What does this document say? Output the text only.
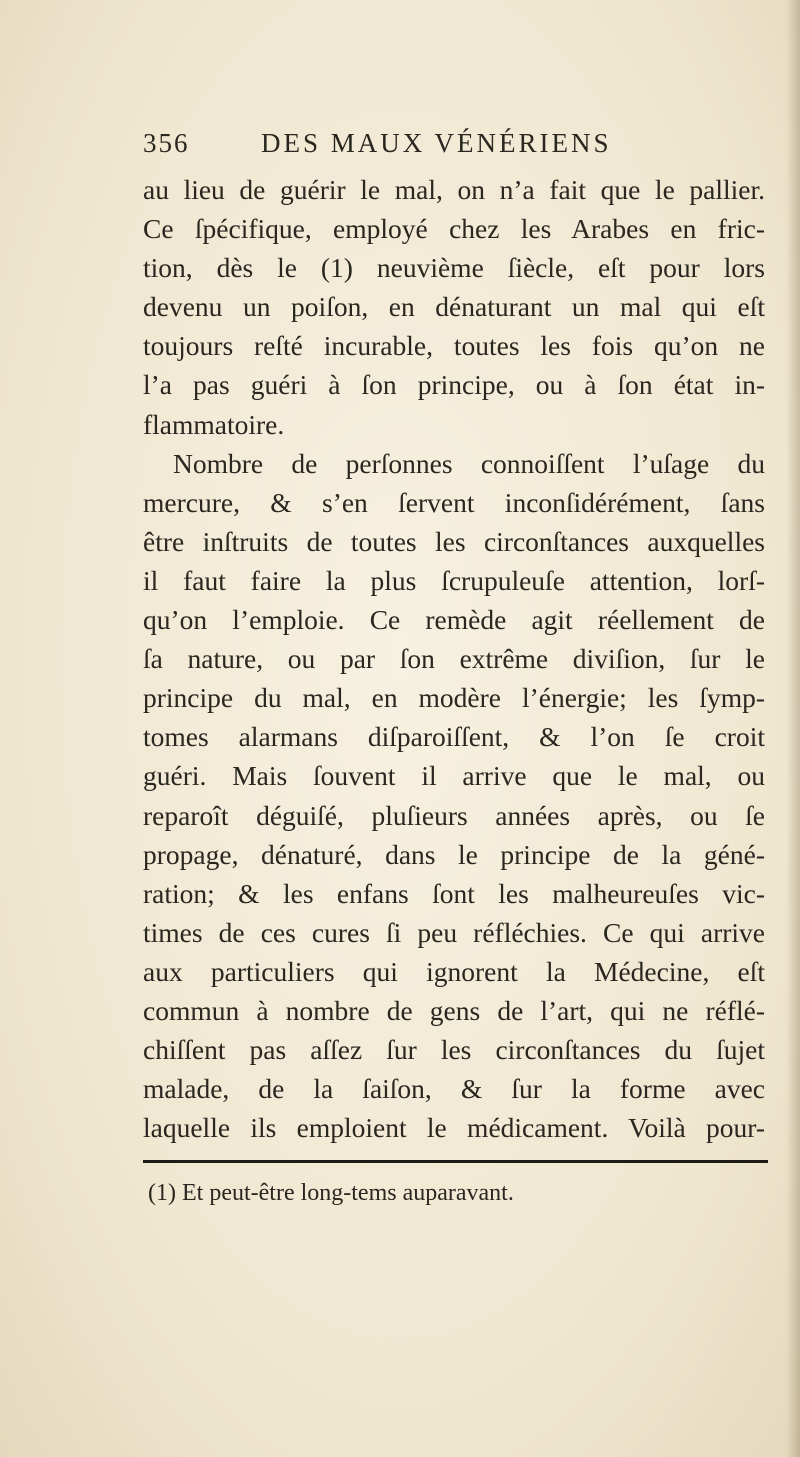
356	DES MAUX VÉNÉRIENS
au lieu de guérir le mal, on n’a fait que le pallier.
Ce ſpécifique, employé chez les Arabes en fric-
tion, dès le (1) neuvième ſiècle, eſt pour lors
devenu un poiſon, en dénaturant un mal qui eſt
toujours reſté incurable, toutes les fois qu’on ne
l’a pas guéri à ſon principe, ou à ſon état in-
flammatoire.
Nombre de perſonnes connoiſſent l’uſage du
mercure, & s’en ſervent inconſidérément, ſans
être inſtruits de toutes les circonſtances auxquelles
il faut faire la plus ſcrupuleuſe attention, lorſ-
qu’on l’emploie. Ce remède agit réellement de
ſa nature, ou par ſon extrême diviſion, ſur le
principe du mal, en modère l’énergie; les ſymp-
tomes alarmans diſparoiſſent, & l’on ſe croit
guéri. Mais ſouvent il arrive que le mal, ou
reparoît déguiſé, pluſieurs années après, ou ſe
propage, dénaturé, dans le principe de la géné-
ration; & les enfans ſont les malheureuſes vic-
times de ces cures ſi peu réfléchies. Ce qui arrive
aux particuliers qui ignorent la Médecine, eſt
commun à nombre de gens de l’art, qui ne réflé-
chiſſent pas aſſez ſur les circonſtances du ſujet
malade, de la ſaiſon, & ſur la forme avec
laquelle ils emploient le médicament. Voilà pour-
(1) Et peut-être long-tems auparavant.
